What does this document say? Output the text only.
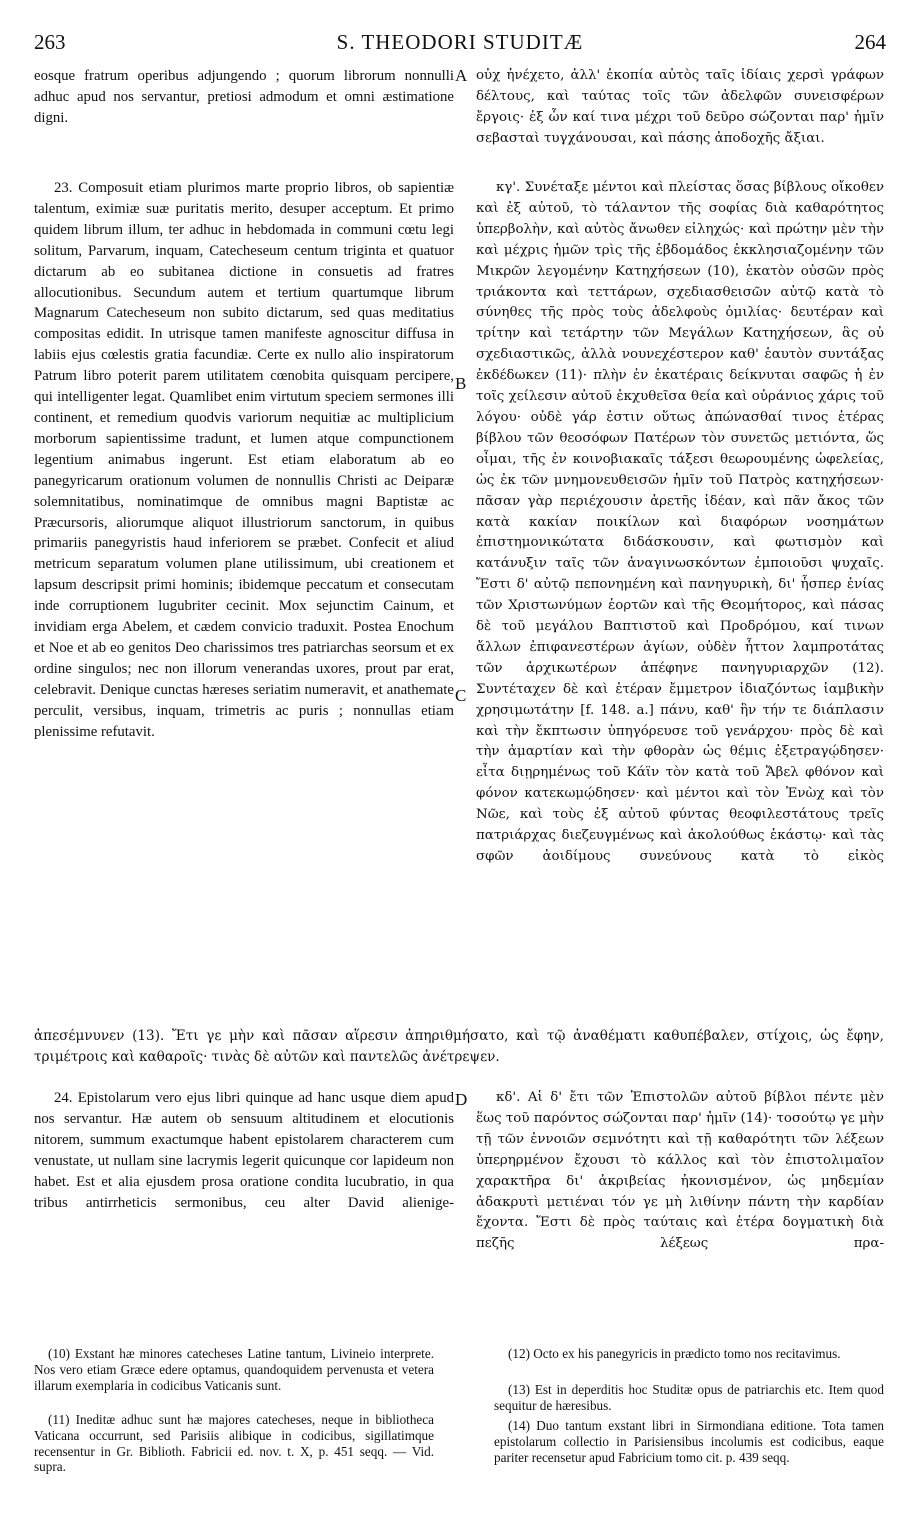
263	S. THEODORI STUDITÆ	264

eosque fratrum operibus adjungendo ; quorum librorum nonnulli adhuc apud nos servantur, pretiosi admodum et omni æstimatione digni.

23. Composuit etiam plurimos marte proprio libros, ob sapientiæ talentum, eximiæ suæ puritatis merito, desuper acceptum. Et primo quidem librum illum, ter adhuc in hebdomada in communi cœtu legi solitum, Parvarum, inquam, Catecheseum centum triginta et quatuor dictarum ab eo subitanea dictione in consuetis ad fratres allocutionibus. Secundum autem et tertium quartumque librum Magnarum Catecheseum non subito dictarum, sed quas meditatius compositas edidit. In utrisque tamen manifeste agnoscitur diffusa in labiis ejus cœlestis gratia facundiæ. Certe ex nullo alio inspiratorum Patrum libro poterit parem utilitatem cœnobita quisquam percipere, qui intelligenter legat. Quamlibet enim virtutum speciem sermones illi continent, et remedium quodvis variorum nequitiæ ac multiplicium morborum sapientissime tradunt, et lumen atque compunctionem legentium animabus ingerunt. Est etiam elaboratum ab eo panegyricarum orationum volumen de nonnullis Christi ac Deiparæ solemnitatibus, nominatimque de omnibus magni Baptistæ ac Præcursoris, aliorumque aliquot illustriorum sanctorum, in quibus primariis panegyristis haud inferiorem se præbet. Confecit et aliud metricum separatum volumen plane utilissimum, ubi creationem et lapsum descripsit primi hominis; ibidemque peccatum et consecutam inde corruptionem lugubriter cecinit. Mox sejunctim Cainum, et invidiam erga Abelem, et cædem convicio traduxit. Postea Enochum et Noe et ab eo genitos Deo charissimos tres patriarchas seorsum et ex ordine singulos; nec non illorum venerandas uxores, prout par erat, celebravit. Denique cunctas hæreses seriatim numeravit, et anathemate perculit, versibus, inquam, trimetris ac puris ; nonnullas etiam plenissime refutavit.

24. Epistolarum vero ejus libri quinque ad hanc usque diem apud nos servantur. Hæ autem ob sensuum altitudinem et elocutionis nitorem, summum exactumque habent epistolarem characterem cum venustate, ut nullam sine lacrymis legerit quicunque cor lapideum non habet. Est et alia ejusdem prosa oratione condita lucubratio, in qua tribus antirrheticis sermonibus, ceu alter David alienige-

οὐχ ἠνέχετο, ἀλλ' ἐκοπία αὐτὸς ταῖς ἰδίαις χερσὶ γράφων δέλτους, καὶ ταύτας τοῖς τῶν ἀδελφῶν συνεισφέρων ἔργοις· ἐξ ὧν καί τινα μέχρι τοῦ δεῦρο σώζονται παρ' ἡμῖν σεβασταὶ τυγχάνουσαι, καὶ πάσης ἀποδοχῆς ἄξιαι.

κγ'. Συνέταξε μέντοι καὶ πλείστας ὅσας βίβλους οἴκοθεν καὶ ἐξ αὐτοῦ, τὸ τάλαντον τῆς σοφίας διὰ καθαρότητος ὑπερβολὴν, καὶ αὐτὸς ἄνωθεν εἰληχώς· καὶ πρώτην μὲν τὴν καὶ μέχρις ἡμῶν τρὶς τῆς ἑβδομάδος ἐκκλησιαζομένην τῶν Μικρῶν λεγομένην Κατηχήσεων (10), ἑκατὸν οὐσῶν πρὸς τριάκοντα καὶ τεττάρων, σχεδιασθεισῶν αὐτῷ κατὰ τὸ σύνηθες τῆς πρὸς τοὺς ἀδελφοὺς ὁμιλίας· δευτέραν καὶ τρίτην καὶ τετάρτην τῶν Μεγάλων Κατηχήσεων, ἃς οὐ σχεδιαστικῶς, ἀλλὰ νουνεχέστερον καθ' ἑαυτὸν συντάξας ἐκδέδωκεν (11)· πλὴν ἐν ἑκατέραις δείκνυται σαφῶς ἡ ἐν τοῖς χείλεσιν αὐτοῦ ἐκχυθεῖσα θεία καὶ οὐράνιος χάρις τοῦ λόγου· οὐδὲ γάρ ἐστιν οὕτως ἀπώνασθαί τινος ἑτέρας βίβλου τῶν θεοσόφων Πατέρων τὸν συνετῶς μετιόντα, ὥς οἶμαι, τῆς ἐν κοινοβιακαῖς τάξεσι θεωρουμένης ὠφελείας, ὡς ἐκ τῶν μνημονευθεισῶν ἡμῖν τοῦ Πατρὸς κατηχήσεων· πᾶσαν γὰρ περιέχουσιν ἀρετῆς ἰδέαν, καὶ πᾶν ἄκος τῶν κατὰ κακίαν ποικίλων καὶ διαφόρων νοσημάτων ἐπιστημονικώτατα διδάσκουσιν, καὶ φωτισμὸν καὶ κατάνυξιν ταῖς τῶν ἀναγινωσκόντων ἐμποιοῦσι ψυχαῖς. Ἔστι δ' αὐτῷ πεπονημένη καὶ πανηγυρικὴ, δι' ἧσπερ ἐνίας τῶν Χριστωνύμων ἑορτῶν καὶ τῆς Θεομήτορος, καὶ πάσας δὲ τοῦ μεγάλου Βαπτιστοῦ καὶ Προδρόμου, καί τινων ἄλλων ἐπιφανεστέρων ἁγίων, οὐδὲν ἧττον λαμπροτάτας τῶν ἀρχικωτέρων ἀπέφηνε πανηγυριαρχῶν (12). Συντέταχεν δὲ καὶ ἑτέραν ἔμμετρον ἰδιαζόντως ἰαμβικὴν χρησιμωτάτην [f. 148. a.] πάνυ, καθ' ἣν τήν τε διάπλασιν καὶ τὴν ἔκπτωσιν ὑπηγόρευσε τοῦ γενάρχου· πρὸς δὲ καὶ τὴν ἁμαρτίαν καὶ τὴν φθορὰν ὡς θέμις ἐξετραγῴδησεν· εἶτα διῃρημένως τοῦ Κάϊν τὸν κατὰ τοῦ Ἄβελ φθόνον καὶ φόνον κατεκωμῴδησεν· καὶ μέντοι καὶ τὸν Ἐνὼχ καὶ τὸν Νῶε, καὶ τοὺς ἐξ αὐτοῦ φύντας θεοφιλεστάτους τρεῖς πατριάρχας διεζευγμένως καὶ ἀκολούθως ἑκάστῳ· καὶ τὰς σφῶν ἀοιδίμους συνεύνους κατὰ τὸ εἰκὸς

ἀπεσέμνυνεν (13). Ἔτι γε μὴν καὶ πᾶσαν αἵρεσιν ἀπηριθμήσατο, καὶ τῷ ἀναθέματι καθυπέβαλεν, στίχοις, ὡς ἔφην, τριμέτροις καὶ καθαροῖς· τινὰς δὲ αὐτῶν καὶ παντελῶς ἀνέτρεψεν.

κδ'. Αἱ δ' ἔτι τῶν Ἐπιστολῶν αὐτοῦ βίβλοι πέντε μὲν ἕως τοῦ παρόντος σώζονται παρ' ἡμῖν (14)· τοσούτῳ γε μὴν τῇ τῶν ἐννοιῶν σεμνότητι καὶ τῇ καθαρότητι τῶν λέξεων ὑπερηρμένον ἔχουσι τὸ κάλλος καὶ τὸν ἐπιστολιμαῖον χαρακτῆρα δι' ἀκριβείας ἠκονισμένον, ὡς μηδεμίαν ἀδακρυτὶ μετιέναι τόν γε μὴ λιθίνην πάντη τὴν καρδίαν ἔχοντα. Ἔστι δὲ πρὸς ταύταις καὶ ἑτέρα δογματικὴ διὰ πεζῆς λέξεως πρα-

A
B
C
D

(10) Exstant hæ minores catecheses Latine tantum, Livineio interprete. Nos vero etiam Græce edere optamus, quandoquidem pervenusta et vetera illarum exemplaria in codicibus Vaticanis sunt.

(11) Ineditæ adhuc sunt hæ majores catecheses, neque in bibliotheca Vaticana occurrunt, sed Parisiis alibique in codicibus, sigillatimque recensentur in Gr. Biblioth. Fabricii ed. nov. t. X, p. 451 seqq. — Vid. supra.

(12) Octo ex his panegyricis in prædicto tomo nos recitavimus.

(13) Est in deperditis hoc Studitæ opus de patriarchis etc. Item quod sequitur de hæresibus.

(14) Duo tantum exstant libri in Sirmondiana editione. Tota tamen epistolarum collectio in Parisiensibus incolumis est codicibus, eaque pariter recensetur apud Fabricium tomo cit. p. 439 seqq.
